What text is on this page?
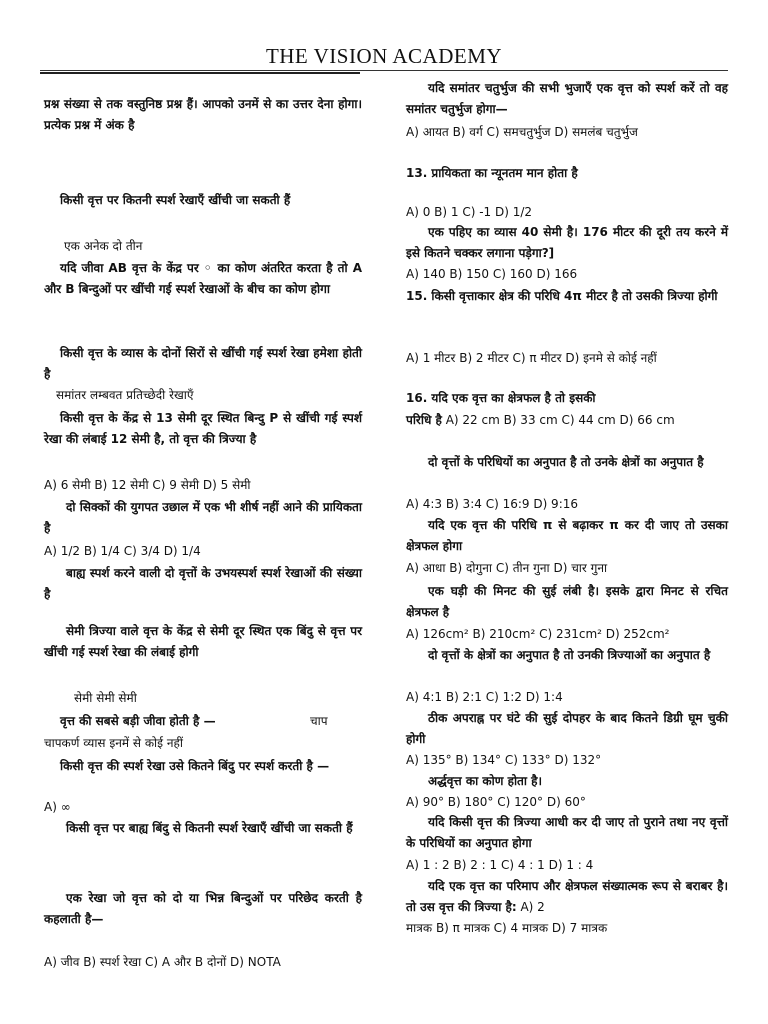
THE VISION ACADEMY
प्रश्न संख्या से तक वस्तुनिष्ठ प्रश्न हैं। आपको उनमें से का उत्तर देना होगा। प्रत्येक प्रश्न में अंक है
किसी वृत्त पर कितनी स्पर्श रेखाएँ खींची जा सकती हैं
एक अनेक दो तीन
यदि जीवा AB वृत्त के केंद्र पर ◦ का कोण अंतरित करता है तो A और B बिन्दुओं पर खींची गई स्पर्श रेखाओं के बीच का कोण होगा
किसी वृत्त के व्यास के दोनों सिरों से खींची गई स्पर्श रेखा हमेशा होती है
समांतर लम्बवत प्रतिच्छेदी रेखाएँ
किसी वृत्त के केंद्र से 13 सेमी दूर स्थित बिन्दु P से खींची गई स्पर्श रेखा की लंबाई 12 सेमी है, तो वृत्त की त्रिज्या है
A) 6 सेमी B) 12 सेमी C) 9 सेमी D) 5 सेमी
दो सिक्कों की युगपत उछाल में एक भी शीर्ष नहीं आने की प्रायिकता है
A) 1/2 B) 1/4 C) 3/4 D) 1/4
बाह्य स्पर्श करने वाली दो वृत्तों के उभयस्पर्श स्पर्श रेखाओं की संख्या है
सेमी त्रिज्या वाले वृत्त के केंद्र से सेमी दूर स्थित एक बिंदु से वृत्त पर खींची गई स्पर्श रेखा की लंबाई होगी
सेमी सेमी सेमी
वृत्त की सबसे बड़ी जीवा होती है —	चाप
चापकर्ण व्यास इनमें से कोई नहीं
किसी वृत्त की स्पर्श रेखा उसे कितने बिंदु पर स्पर्श करती है —
A) ∞
किसी वृत्त पर बाह्य बिंदु से कितनी स्पर्श रेखाएँ खींची जा सकती हैं
एक रेखा जो वृत्त को दो या भिन्न बिन्दुओं पर परिछेद करती है कहलाती है—
A) जीव B) स्पर्श रेखा C) A और B दोनों D) NOTA
यदि समांतर चतुर्भुज की सभी भुजाएँ एक वृत्त को स्पर्श करें तो वह समांतर चतुर्भुज होगा—
A) आयत B) वर्ग C) समचतुर्भुज D) समलंब चतुर्भुज
13. प्रायिकता का न्यूनतम मान होता है
A) 0 B) 1 C) -1 D) 1/2
एक पहिए का व्यास 40 सेमी है। 176 मीटर की दूरी तय करने में इसे कितने चक्कर लगाना पड़ेगा?]
A) 140 B) 150 C) 160 D) 166
15. किसी वृत्ताकार क्षेत्र की परिधि 4π मीटर है तो उसकी त्रिज्या होगी
A) 1 मीटर B) 2 मीटर C) π मीटर D) इनमे से कोई नहीं
16. यदि एक वृत्त का क्षेत्रफल है तो इसकी
परिधि है A) 22 cm B) 33 cm C) 44 cm D) 66 cm
दो वृत्तों के परिधियों का अनुपात है तो उनके क्षेत्रों का अनुपात है
A) 4:3 B) 3:4 C) 16:9 D) 9:16
यदि एक वृत्त की परिधि π से बढ़ाकर π कर दी जाए तो उसका क्षेत्रफल होगा
A) आधा B) दोगुना C) तीन गुना D) चार गुना
एक घड़ी की मिनट की सुई लंबी है। इसके द्वारा मिनट से रचित क्षेत्रफल है
A) 126cm² B) 210cm² C) 231cm² D) 252cm²
दो वृत्तों के क्षेत्रों का अनुपात है तो उनकी त्रिज्याओं का अनुपात है
A) 4:1 B) 2:1 C) 1:2 D) 1:4
ठीक अपराह्न पर घंटे की सुई दोपहर के बाद कितने डिग्री घूम चुकी होगी
A) 135° B) 134° C) 133° D) 132°
अर्द्धवृत्त का कोण होता है।
A) 90° B) 180° C) 120° D) 60°
यदि किसी वृत्त की त्रिज्या आधी कर दी जाए तो पुराने तथा नए वृत्तों के परिधियों का अनुपात होगा
A) 1 : 2 B) 2 : 1 C) 4 : 1 D) 1 : 4
यदि एक वृत्त का परिमाप और क्षेत्रफल संख्यात्मक रूप से बराबर है। तो उस वृत्त की त्रिज्या है: A) 2
मात्रक B) π मात्रक C) 4 मात्रक D) 7 मात्रक
